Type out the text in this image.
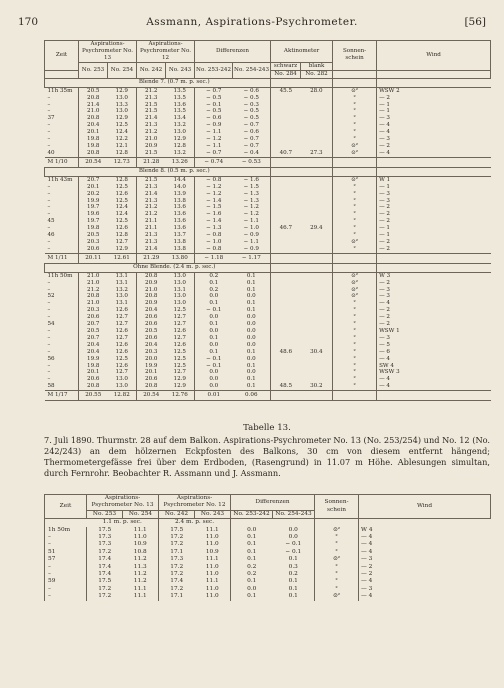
170	Assmann, Aspirations-Psychrometer.	[56]
Zeit	Aspirations-Psychrometer No. 13		Aspirations-Psychrometer No. 12		Differenzen		Aktinometer		Sonnen-schein	Wind
	No. 253	No. 254	No. 242	No. 243	No. 253-242	No. 254-243	schwarz	blank		
							No. 284	No. 282		
	Blende 7. (0.7 m. p. sec.)									
11h 35m	20.5	12.9	21.2	13.5	− 0.7	− 0.6	45.5	28.0	⊙²	WSW 2
–	20.8	13.0	21.3	13.5	− 0.5	− 0.5			²	— 2
–	21.4	13.3	21.5	13.6	− 0.1	− 0.3			²	— 1
–	21.0	13.0	21.5	13.5	− 0.5	− 0.5			²	— 1
37	20.8	12.9	21.4	13.4	− 0.6	− 0.5			²	— 3
–	20.4	12.5	21.3	13.2	− 0.9	− 0.7			²	— 4
–	20.1	12.4	21.2	13.0	− 1.1	− 0.6			²	— 4
–	19.8	12.2	21.0	12.9	− 1.2	− 0.7			²	— 3
–	19.8	12.1	20.9	12.8	− 1.1	− 0.7			⊙²	— 2
40	20.8	12.8	21.5	13.2	− 0.7	− 0.4	40.7	27.3	⊙²	— 4
M 1/10	20.54	12.73	21.28	13.26	− 0.74	− 0.53				
	Blende 8. (0.5 m. p. sec.)									
11h 43m	20.7	12.8	21.5	14.4	− 0.8	− 1.6			⊙²	W 1
–	20.1	12.5	21.3	14.0	− 1.2	− 1.5			²	— 1
–	20.2	12.6	21.4	13.9	− 1.2	− 1.3			²	— 3
–	19.9	12.5	21.3	13.8	− 1.4	− 1.3			²	— 3
–	19.7	12.4	21.2	13.6	− 1.5	− 1.2			²	— 2
–	19.6	12.4	21.2	13.6	− 1.6	− 1.2			²	— 2
45	19.7	12.5	21.1	13.6	− 1.4	− 1.1			²	— 2
–	19.8	12.6	21.1	13.6	− 1.3	− 1.0	46.7	29.4	²	— 1
46	20.5	12.8	21.3	13.7	− 0.8	− 0.9			²	— 1
–	20.3	12.7	21.3	13.8	− 1.0	− 1.1			⊙²	— 2
–	20.6	12.9	21.4	13.8	− 0.8	− 0.9			²	— 2
M 1/11	20.11	12.61	21.29	13.80	− 1.18	− 1.17				
	Ohne Blende. (2.4 m. p. sec.)									
11h 50m	21.0	13.1	20.8	13.0	0.2	0.1			⊙²	W 3
–	21.0	13.1	20.9	13.0	0.1	0.1			⊙²	— 2
–	21.2	13.2	21.0	13.1	0.2	0.1			⊙²	— 3
52	20.8	13.0	20.8	13.0	0.0	0.0			⊙²	— 3
–	21.0	13.1	20.9	13.0	0.1	0.1			²	— 4
–	20.3	12.6	20.4	12.5	− 0.1	0.1			²	— 2
–	20.6	12.7	20.6	12.7	0.0	0.0			²	— 2
54	20.7	12.7	20.6	12.7	0.1	0.0			²	— 2
–	20.5	12.6	20.5	12.6	0.0	0.0			²	WSW 1
–	20.7	12.7	20.6	12.7	0.1	0.0			²	— 3
–	20.4	12.6	20.4	12.6	0.0	0.0			²	— 5
–	20.4	12.6	20.3	12.5	0.1	0.1	48.6	30.4	²	— 6
56	19.9	12.5	20.0	12.5	− 0.1	0.0			²	— 4
–	19.8	12.6	19.9	12.5	− 0.1	0.1			²	SW 4
–	20.1	12.7	20.1	12.7	0.0	0.0			²	WSW 3
–	20.6	13.0	20.6	12.9	0.0	0.1			²	— 4
58	20.8	13.0	20.8	12.9	0.0	0.1	48.5	30.2	²	— 4
M 1/17	20.55	12.82	20.54	12.76	0.01	0.06				
Tabelle 13.
7. Juli 1890. Thurmstr. 28 auf dem Balkon. Aspirations-Psychrometer No. 13 (No. 253/254) und No. 12 (No. 242/243) an dem hölzernen Eckpfosten des Balkons, 30 cm von diesem entfernt hängend; Thermometergefässe frei über dem Erdboden, (Rasengrund) in 11.07 m Höhe. Ablesungen simultan, durch Fernrohr. Beobachter R. Assmann und J. Assmann.
Zeit	Aspirations-Psychrometer No. 13		Aspirations-Psychrometer No. 12		Differenzen		Sonnen-schein	Wind
	No. 253	No. 254	No. 242	No. 243	No. 253-242	No. 254-243		
	1.1 m. p. sec.		2.4 m. p. sec.					
1h 50m	17.5	11.1	17.5	11.1	0.0	0.0	⊙²	W 4
–	17.3	11.0	17.2	11.0	0.1	0.0	²	— 4
–	17.3	10.9	17.2	11.0	0.1	− 0.1	²	— 4
51	17.2	10.8	17.1	10.9	0.1	− 0.1	²	— 4
57	17.4	11.2	17.3	11.1	0.1	0.1	⊙²	— 3
–	17.4	11.3	17.2	11.0	0.2	0.3	²	— 2
–	17.4	11.2	17.2	11.0	0.2	0.2	²	— 2
59	17.5	11.2	17.4	11.1	0.1	0.1	²	— 4
–	17.2	11.1	17.2	11.0	0.0	0.1	²	— 3
–	17.2	11.1	17.1	11.0	0.1	0.1	⊙²	— 4
